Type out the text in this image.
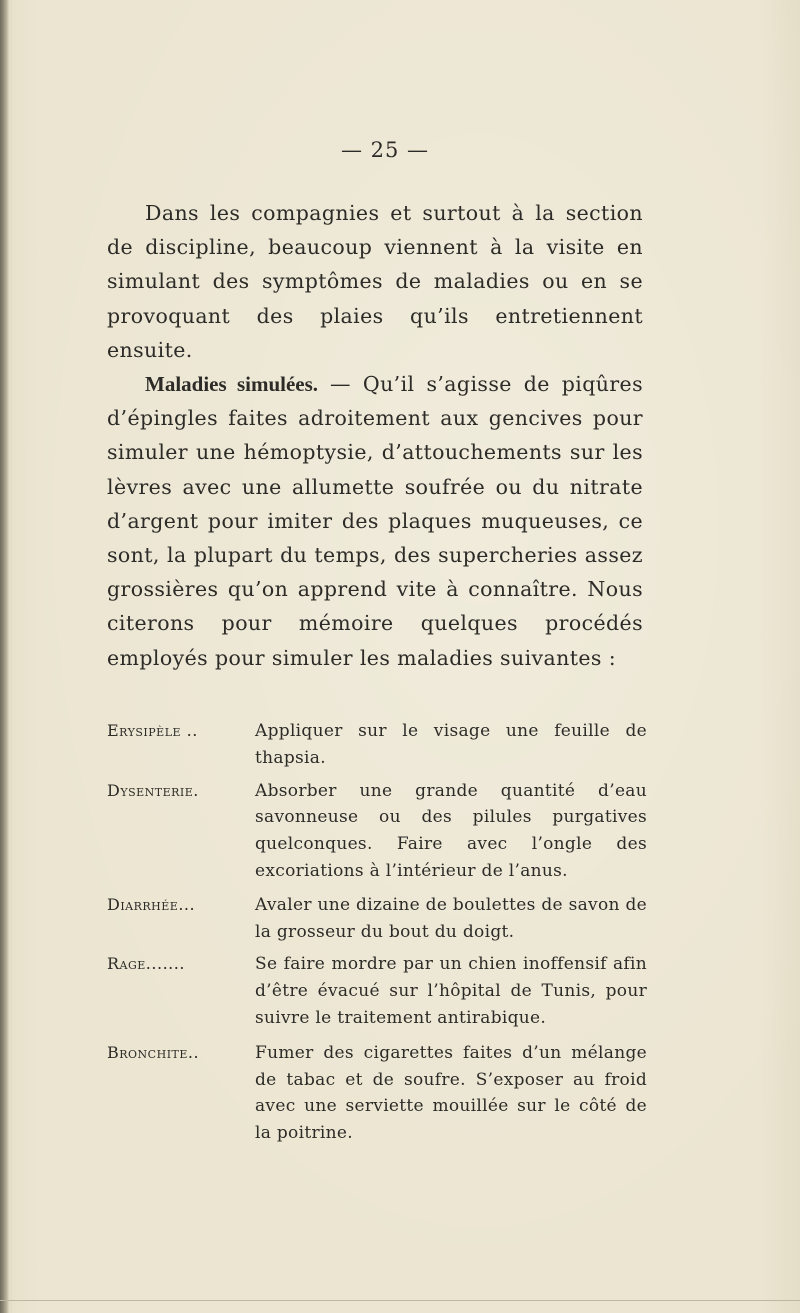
— 25 —

Dans les compagnies et surtout à la section de discipline, beaucoup viennent à la visite en simulant des symptômes de maladies ou en se provoquant des plaies qu’ils entretiennent ensuite.

Maladies simulées. — Qu’il s’agisse de piqûres d’épingles faites adroitement aux gencives pour simuler une hémoptysie, d’attouchements sur les lèvres avec une allumette soufrée ou du nitrate d’argent pour imiter des plaques muqueuses, ce sont, la plupart du temps, des supercheries assez grossières qu’on apprend vite à connaître. Nous citerons pour mémoire quelques procédés employés pour simuler les maladies suivantes :

Erysipèle ..	Appliquer sur le visage une feuille de thapsia.
Dysenterie.	Absorber une grande quantité d’eau savonneuse ou des pilules purgatives quelconques. Faire avec l’ongle des excoriations à l’intérieur de l’anus.
Diarrhée...	Avaler une dizaine de boulettes de savon de la grosseur du bout du doigt.
Rage.......	Se faire mordre par un chien inoffensif afin d’être évacué sur l’hôpital de Tunis, pour suivre le traitement antirabique.
Bronchite..	Fumer des cigarettes faites d’un mélange de tabac et de soufre. S’exposer au froid avec une serviette mouillée sur le côté de la poitrine.
